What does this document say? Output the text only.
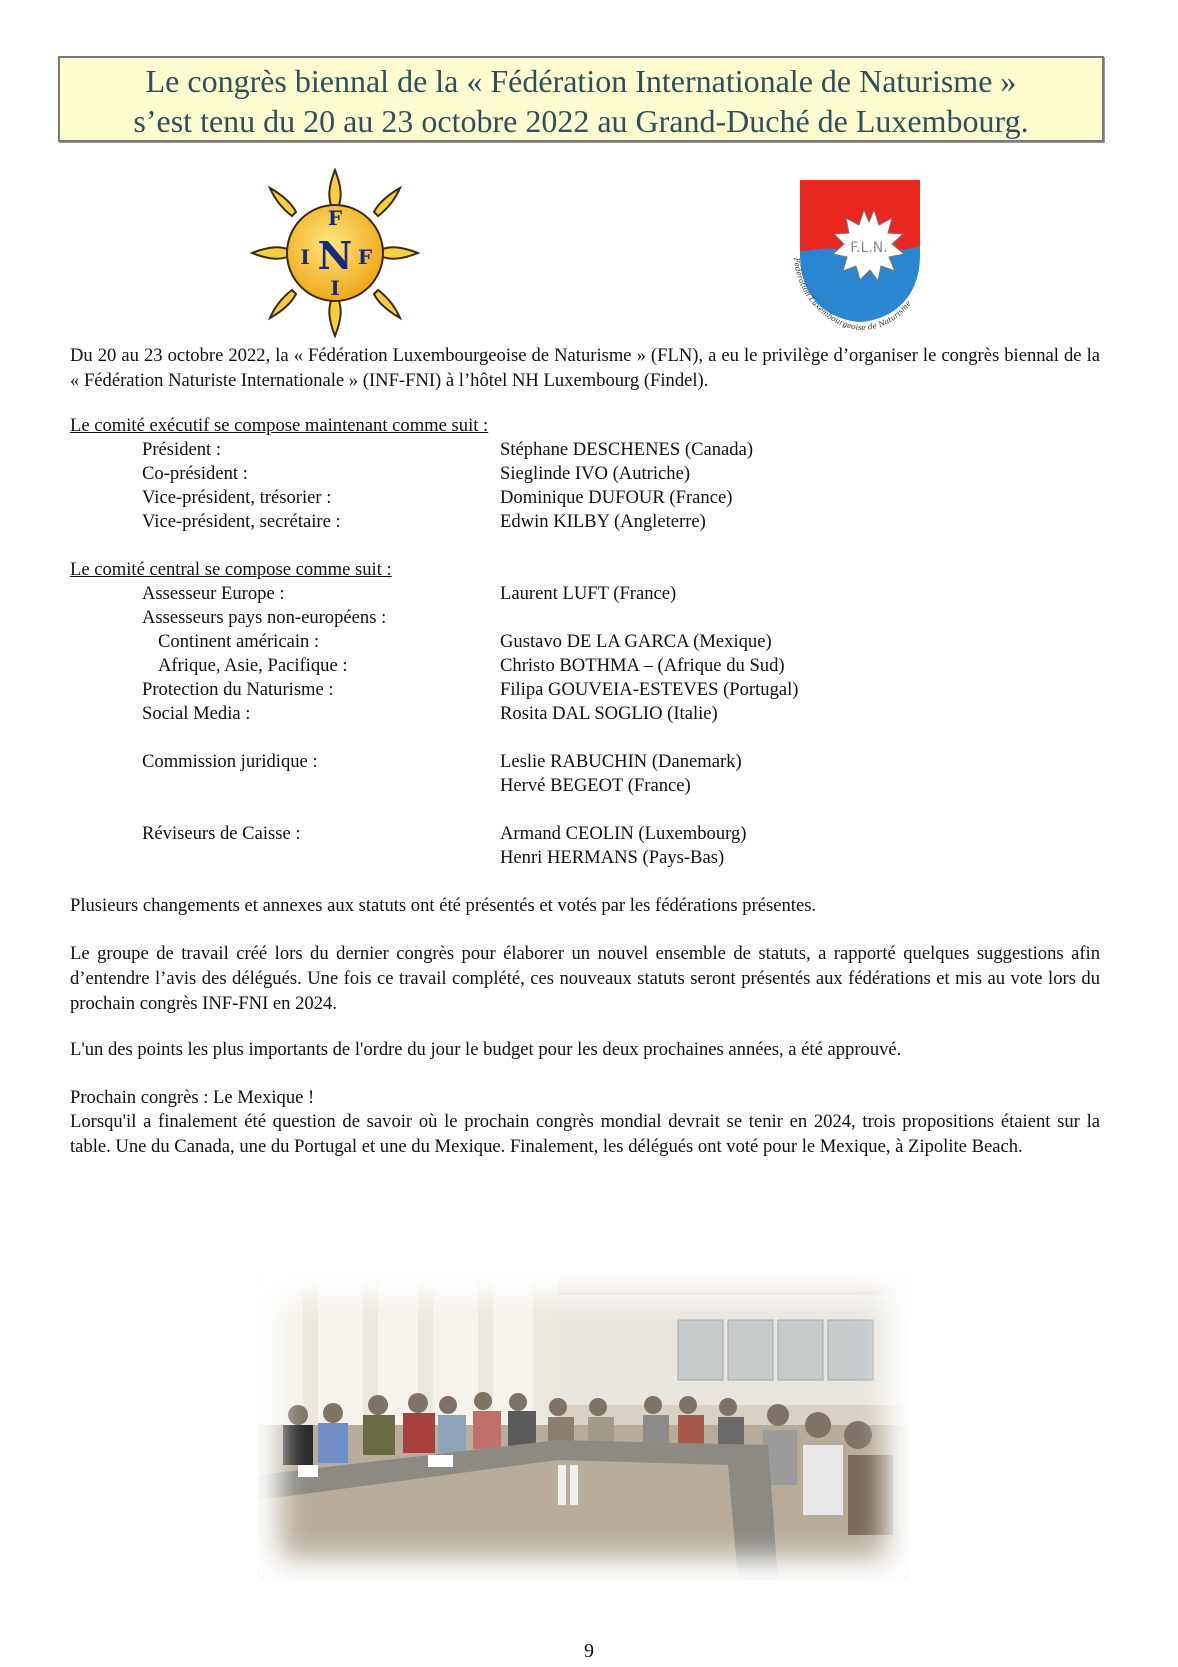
Le congrès biennal de la « Fédération Internationale de Naturisme »
s’est tenu du 20 au 23 octobre 2022 au Grand-Duché de Luxembourg.
F
I N F
I
F.L.N.
Fédération Luxembourgeoise de Naturisme
Du 20 au 23 octobre 2022, la « Fédération Luxembourgeoise de Naturisme » (FLN), a eu le privilège d’organiser le congrès biennal de la « Fédération Naturiste Internationale » (INF-FNI) à l’hôtel NH Luxembourg (Findel).
Le comité exécutif se compose maintenant comme suit :
Président :	Stéphane DESCHENES (Canada)
Co-président :	Sieglinde IVO (Autriche)
Vice-président, trésorier :	Dominique DUFOUR (France)
Vice-président, secrétaire :	Edwin KILBY (Angleterre)
Le comité central se compose comme suit :
Assesseur Europe :	Laurent LUFT (France)
Assesseurs pays non-européens :
Continent américain :	Gustavo DE LA GARCA (Mexique)
Afrique, Asie, Pacifique :	Christo BOTHMA – (Afrique du Sud)
Protection du Naturisme :	Filipa GOUVEIA-ESTEVES (Portugal)
Social Media :	Rosita DAL SOGLIO (Italie)
Commission juridique :	Leslie RABUCHIN (Danemark)
Hervé BEGEOT (France)
Réviseurs de Caisse :	Armand CEOLIN (Luxembourg)
Henri HERMANS (Pays-Bas)
Plusieurs changements et annexes aux statuts ont été présentés et votés par les fédérations présentes.
Le groupe de travail créé lors du dernier congrès pour élaborer un nouvel ensemble de statuts, a rapporté quelques suggestions afin d’entendre l’avis des délégués. Une fois ce travail complété, ces nouveaux statuts seront présentés aux fédérations et mis au vote lors du prochain congrès INF-FNI en 2024.
L'un des points les plus importants de l'ordre du jour le budget pour les deux prochaines années, a été approuvé.
Prochain congrès : Le Mexique !
Lorsqu'il a finalement été question de savoir où le prochain congrès mondial devrait se tenir en 2024, trois propositions étaient sur la table. Une du Canada, une du Portugal et une du Mexique. Finalement, les délégués ont voté pour le Mexique, à Zipolite Beach.
9
